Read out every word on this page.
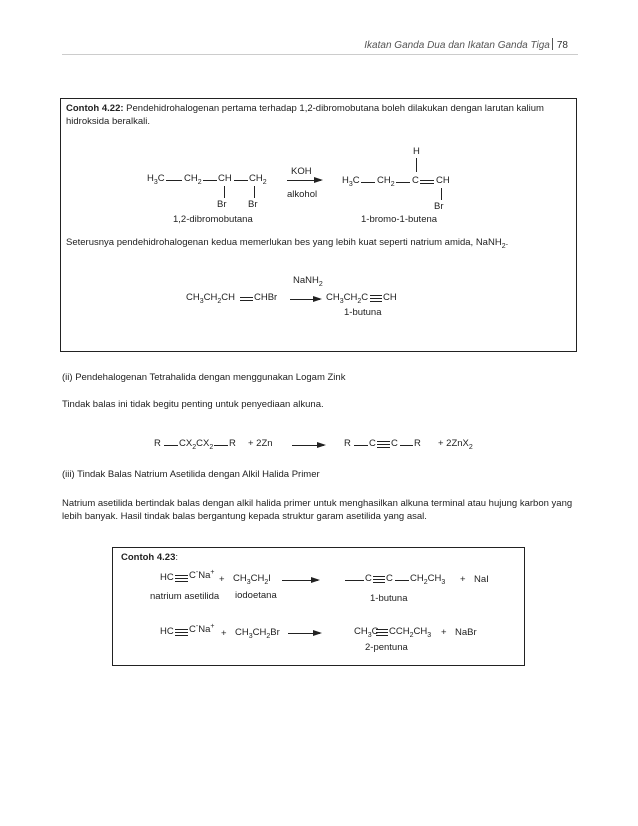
Ikatan Ganda Dua dan Ikatan Ganda Tiga 78
Contoh 4.22: Pendehidrohalogenan pertama terhadap 1,2-dibromobutana boleh dilakukan dengan larutan kalium hidroksida beralkali.
$H_3C$ $CH_2$ CH $CH_2$
Br Br
1,2-dibromobutana
KOH
alkohol
H
$H_3C$ $CH_2$ C CH
Br
1-bromo-1-butena
Seterusnya pendehidrohalogenan kedua memerlukan bes yang lebih kuat seperti natrium amida, NaNH$_2$.
NaNH$_2$
$CH_3CH_2CH$ CHBr → $CH_3CH_2C$ CH
1-butuna
(ii) Pendehalogenan Tetrahalida dengan menggunakan Logam Zink
Tindak balas ini tidak begitu penting untuk penyediaan alkuna.
R $CX_2CX_2$ R + 2Zn → R C C R + 2ZnX$_2$
(iii) Tindak Balas Natrium Asetilida dengan Alkil Halida Primer
Natrium asetilida bertindak balas dengan alkil halida primer untuk menghasilkan alkuna terminal atau hujung karbon yang lebih banyak. Hasil tindak balas bergantung kepada struktur garam asetilida yang asal.
Contoh 4.23:
HC C-Na+
+ $CH_3CH_2I$ →	C C $CH_2CH_3$ + NaI
natrium asetilida iodoetana	1-butuna
HC C-Na+
+ $CH_3CH_2Br$ →	$CH_3C$ $CCH_2CH_3$ + NaBr
2-pentuna
